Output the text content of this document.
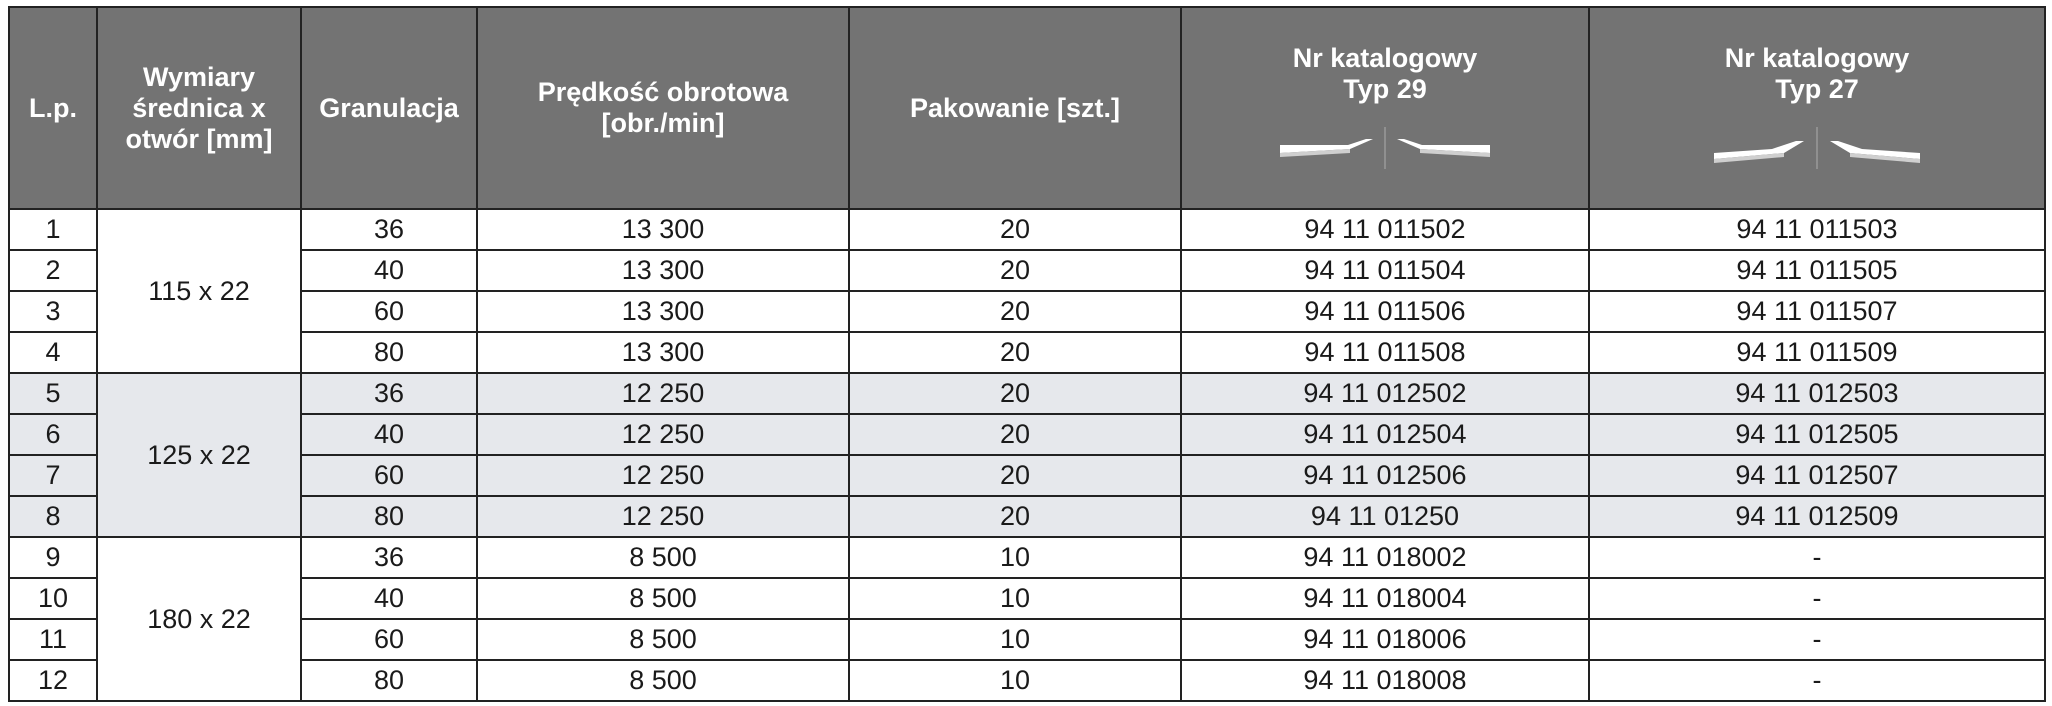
L.p.	Wymiary
średnica x
otwór [mm]	Granulacja	Prędkość obrotowa
[obr./min]	Pakowanie [szt.]	Nr katalogowy
Typ 29	Nr katalogowy
Typ 27

1	115 x 22	36	13 300	20	94 11 011502	94 11 011503
2		40	13 300	20	94 11 011504	94 11 011505
3		60	13 300	20	94 11 011506	94 11 011507
4		80	13 300	20	94 11 011508	94 11 011509
5	125 x 22	36	12 250	20	94 11 012502	94 11 012503
6		40	12 250	20	94 11 012504	94 11 012505
7		60	12 250	20	94 11 012506	94 11 012507
8		80	12 250	20	94 11 01250	94 11 012509
9	180 x 22	36	8 500	10	94 11 018002	-
10		40	8 500	10	94 11 018004	-
11		60	8 500	10	94 11 018006	-
12		80	8 500	10	94 11 018008	-
